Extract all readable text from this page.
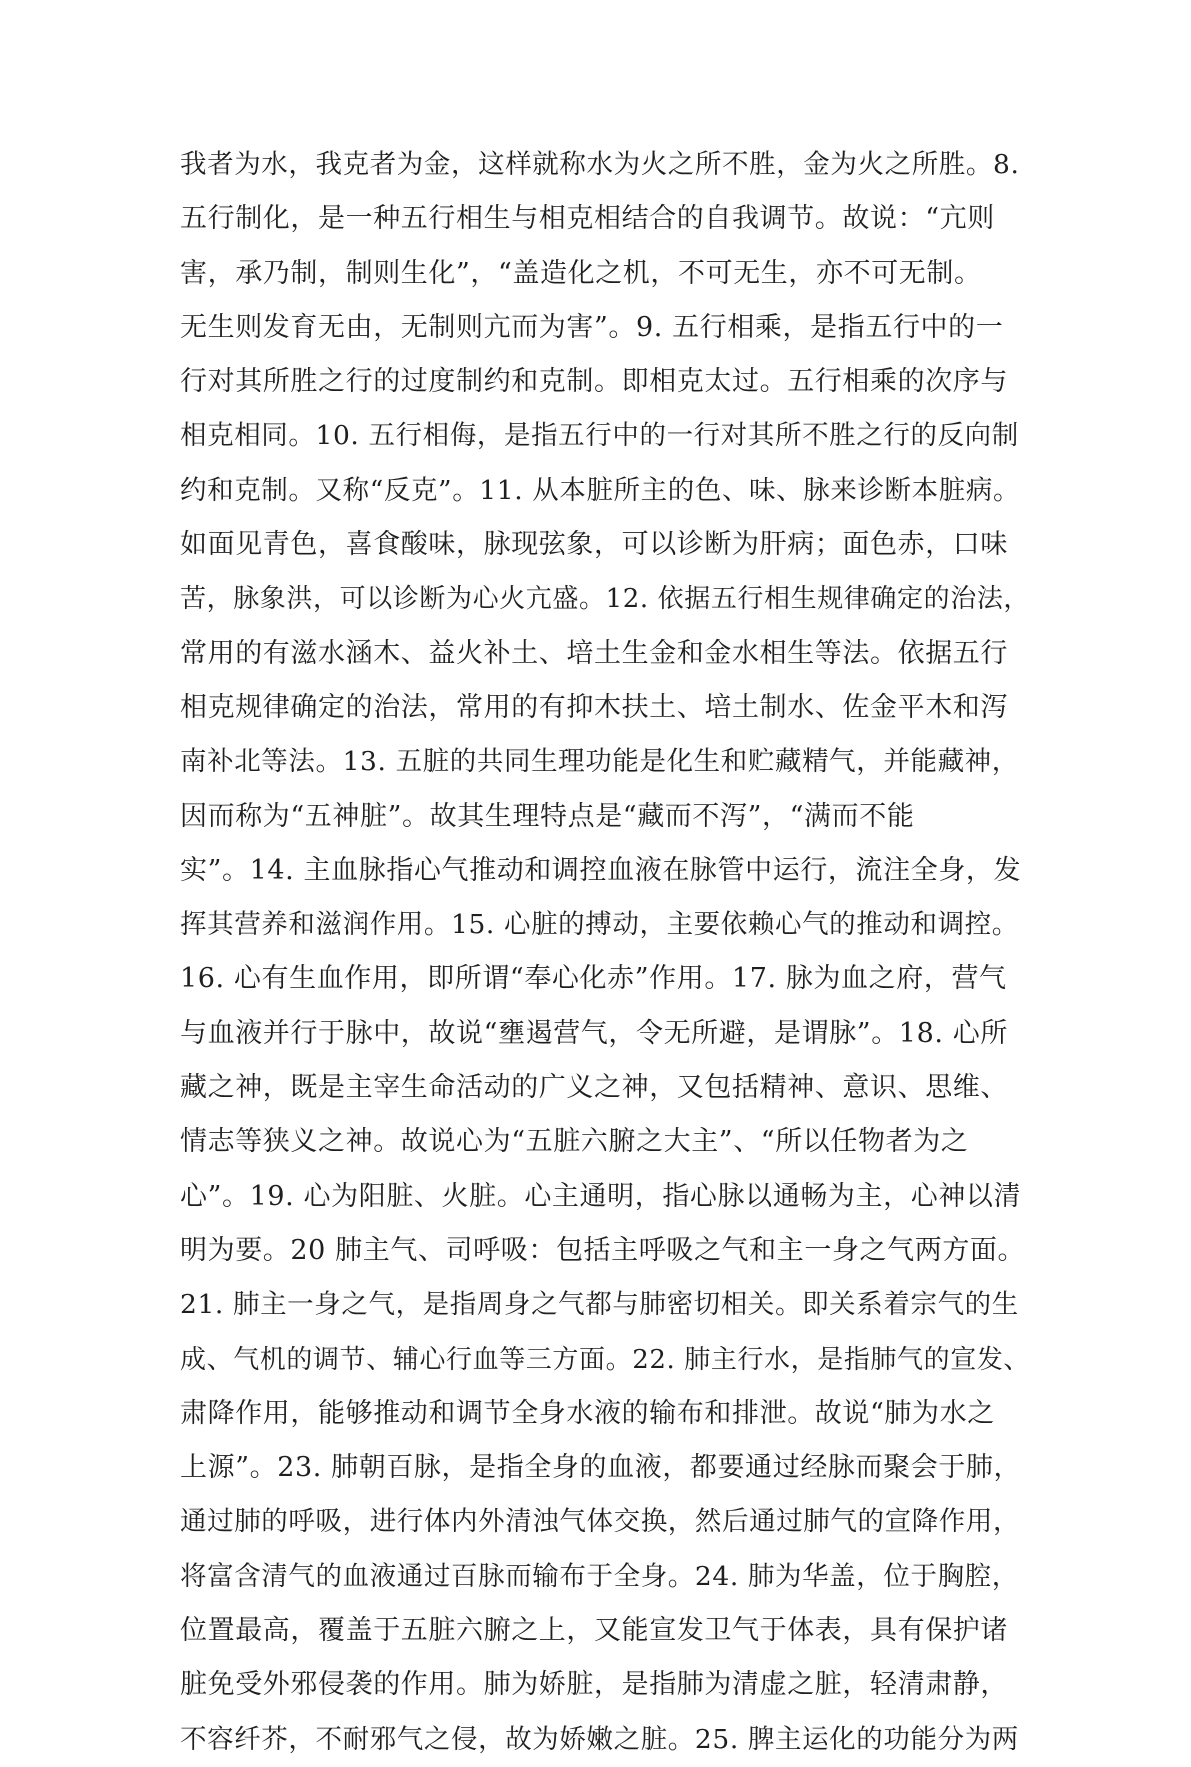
我者为水，我克者为金，这样就称水为火之所不胜，金为火之所胜。8.
五行制化，是一种五行相生与相克相结合的自我调节。故说：“亢则
害，承乃制，制则生化”，“盖造化之机，不可无生，亦不可无制。
无生则发育无由，无制则亢而为害”。9. 五行相乘，是指五行中的一
行对其所胜之行的过度制约和克制。即相克太过。五行相乘的次序与
相克相同。10. 五行相侮，是指五行中的一行对其所不胜之行的反向制
约和克制。又称“反克”。11. 从本脏所主的色、味、脉来诊断本脏病。
如面见青色，喜食酸味，脉现弦象，可以诊断为肝病；面色赤，口味
苦，脉象洪，可以诊断为心火亢盛。12. 依据五行相生规律确定的治法，
常用的有滋水涵木、益火补土、培土生金和金水相生等法。依据五行
相克规律确定的治法，常用的有抑木扶土、培土制水、佐金平木和泻
南补北等法。13. 五脏的共同生理功能是化生和贮藏精气，并能藏神，
因而称为“五神脏”。故其生理特点是“藏而不泻”，“满而不能
实”。14. 主血脉指心气推动和调控血液在脉管中运行，流注全身，发
挥其营养和滋润作用。15. 心脏的搏动，主要依赖心气的推动和调控。
16. 心有生血作用，即所谓“奉心化赤”作用。17. 脉为血之府，营气
与血液并行于脉中，故说“壅遏营气，令无所避，是谓脉”。18. 心所
藏之神，既是主宰生命活动的广义之神，又包括精神、意识、思维、
情志等狭义之神。故说心为“五脏六腑之大主”、“所以任物者为之
心”。19. 心为阳脏、火脏。心主通明，指心脉以通畅为主，心神以清
明为要。20 肺主气、司呼吸：包括主呼吸之气和主一身之气两方面。
21. 肺主一身之气，是指周身之气都与肺密切相关。即关系着宗气的生
成、气机的调节、辅心行血等三方面。22. 肺主行水，是指肺气的宣发、
肃降作用，能够推动和调节全身水液的输布和排泄。故说“肺为水之
上源”。23. 肺朝百脉，是指全身的血液，都要通过经脉而聚会于肺，
通过肺的呼吸，进行体内外清浊气体交换，然后通过肺气的宣降作用，
将富含清气的血液通过百脉而输布于全身。24. 肺为华盖，位于胸腔，
位置最高，覆盖于五脏六腑之上，又能宣发卫气于体表，具有保护诸
脏免受外邪侵袭的作用。肺为娇脏，是指肺为清虚之脏，轻清肃静，
不容纤芥，不耐邪气之侵，故为娇嫩之脏。25. 脾主运化的功能分为两
